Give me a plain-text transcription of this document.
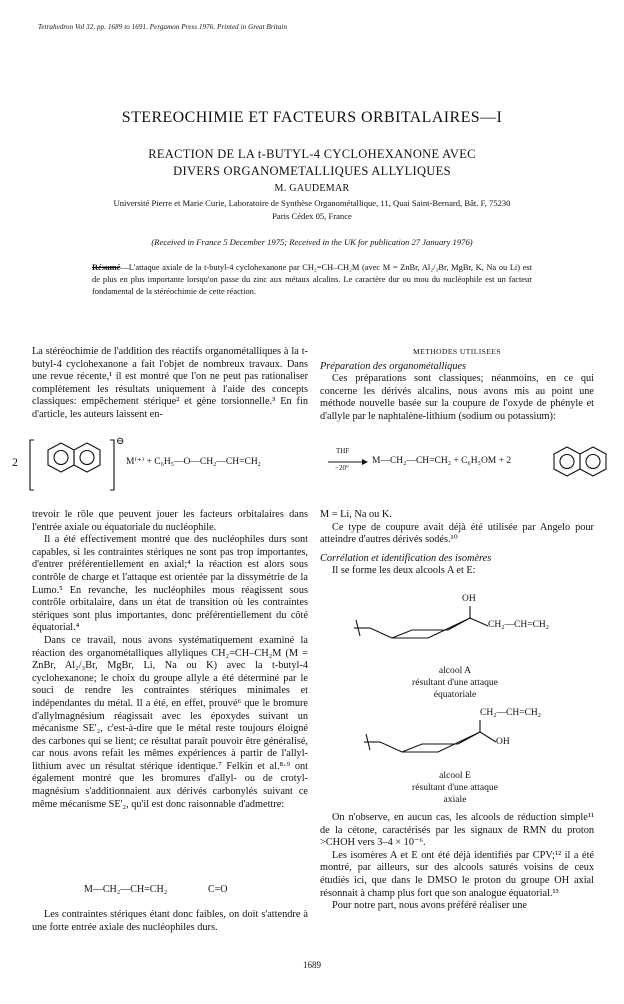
Tetrahedron Vol 32, pp. 1689 to 1691. Pergamon Press 1976. Printed in Great Britain
STEREOCHIMIE ET FACTEURS ORBITALAIRES—I
REACTION DE LA t-BUTYL-4 CYCLOHEXANONE AVEC
DIVERS ORGANOMETALLIQUES ALLYLIQUES
M. GAUDEMAR
Université Pierre et Marie Curie, Laboratoire de Synthèse Organométallique, 11, Quai Saint-Bernard, Bât. F, 75230
Paris Cédex 05, France
(Received in France 5 December 1975; Received in the UK for publication 27 January 1976)
Résumé—L'attaque axiale de la t-butyl-4 cyclohexanone par CH₂=CH–CH₂M (avec M = ZnBr, Al₂/₃Br, MgBr, K, Na ou Li) est de plus en plus importante lorsqu'on passe du zinc aux métaux alcalins. Le caractère dur ou mou du nucléophile est un facteur fondamental de la stéréochimie de cette réaction.

La stéréochimie de l'addition des réactifs organométalliques à la t-butyl-4 cyclohexanone a fait l'objet de nombreux travaux. Dans une revue récente,¹ il est montré que l'on ne peut pas rationaliser complètement les résultats uniquement à l'aide des concepts classiques: empêchement stérique² et gène torsionnelle.³ En fin d'article, les auteurs laissent en-

METHODES UTILISEES

Préparation des organométalliques

Ces préparations sont classiques; néanmoins, en ce qui concerne les dérivés alcalins, nous avons mis au point une méthode nouvelle basée sur la coupure de l'oxyde de phényle et d'allyle par le naphtalène-lithium (sodium ou potassium):

2
⊖
M⁽⁺⁾ + C₆H₅—O—CH₂—CH=CH₂
THF
−20°
M—CH₂—CH=CH₂ + C₆H₅OM + 2

trevoir le rôle que peuvent jouer les facteurs orbitalaires dans l'entrée axiale ou équatoriale du nucléophile.

Il a été effectivement montré que des nucléophiles durs sont capables, si les contraintes stériques ne sont pas trop importantes, d'entrer préférentiellement en axial;⁴ la réaction est alors sous contrôle de charge et l'attaque est orientée par la dissymétrie de la Lumo.⁵ En revanche, les nucléophiles mous réagissent sous contrôle orbitalaire, dans un état de transition où les contraintes stériques sont plus importantes, donc préférentiellement du côté équatorial.⁴

Dans ce travail, nous avons systématiquement examiné la réaction des organométalliques allyliques CH₂=CH–CH₂M (M = ZnBr, Al₂/₃Br, MgBr, Li, Na ou K) avec la t-butyl-4 cyclohexanone; le choix du groupe allyle a été déterminé par le souci de rendre les contraintes stériques minimales et indépendantes du métal. Il a été, en effet, prouvé⁶ que le bromure d'allylmagnésium réagissait avec les époxydes suivant un mécanisme SE'₂, c'est-à-dire que le métal reste toujours éloigné des carbones qui se lient; ce résultat paraît pouvoir être généralisé, car nous avons refait les mêmes expériences à partir de l'allyl-lithium avec un résultat stérique identique.⁷ Felkin et al.⁸·⁹ ont également montré que les bromures d'allyl- ou de crotyl-magnésium s'additionnaient aux dérivés carbonylés suivant ce même mécanisme SE'₂, qu'il est donc raisonnable d'admettre:

M—CH₂—CH=CH₂	C=O

Les contraintes stériques étant donc faibles, on doit s'attendre à une forte entrée axiale des nucléophiles durs.

M = Li, Na ou K.

Ce type de coupure avait déjà été utilisée par Angelo pour atteindre d'autres dérivés sodés.¹⁰

Corrélation et identification des isomères

Il se forme les deux alcools A et E:

OH
CH₂—CH=CH₂
alcool A
résultant d'une attaque
équatoriale
CH₂—CH=CH₂
OH
alcool E
résultant d'une attaque
axiale

On n'observe, en aucun cas, les alcools de réduction simple¹¹ de la cétone, caractérisés par les signaux de RMN du proton >CHOH vers 3–4 × 10⁻⁶.

Les isomères A et E ont été déjà identifiés par CPV;¹² il a été montré, par ailleurs, sur des alcools saturés voisins de ceux étudiés ici, que dans le DMSO le proton du groupe OH axial résonnait à champ plus fort que son analogue équatorial.¹³

Pour notre part, nous avons préféré réaliser une

1689
